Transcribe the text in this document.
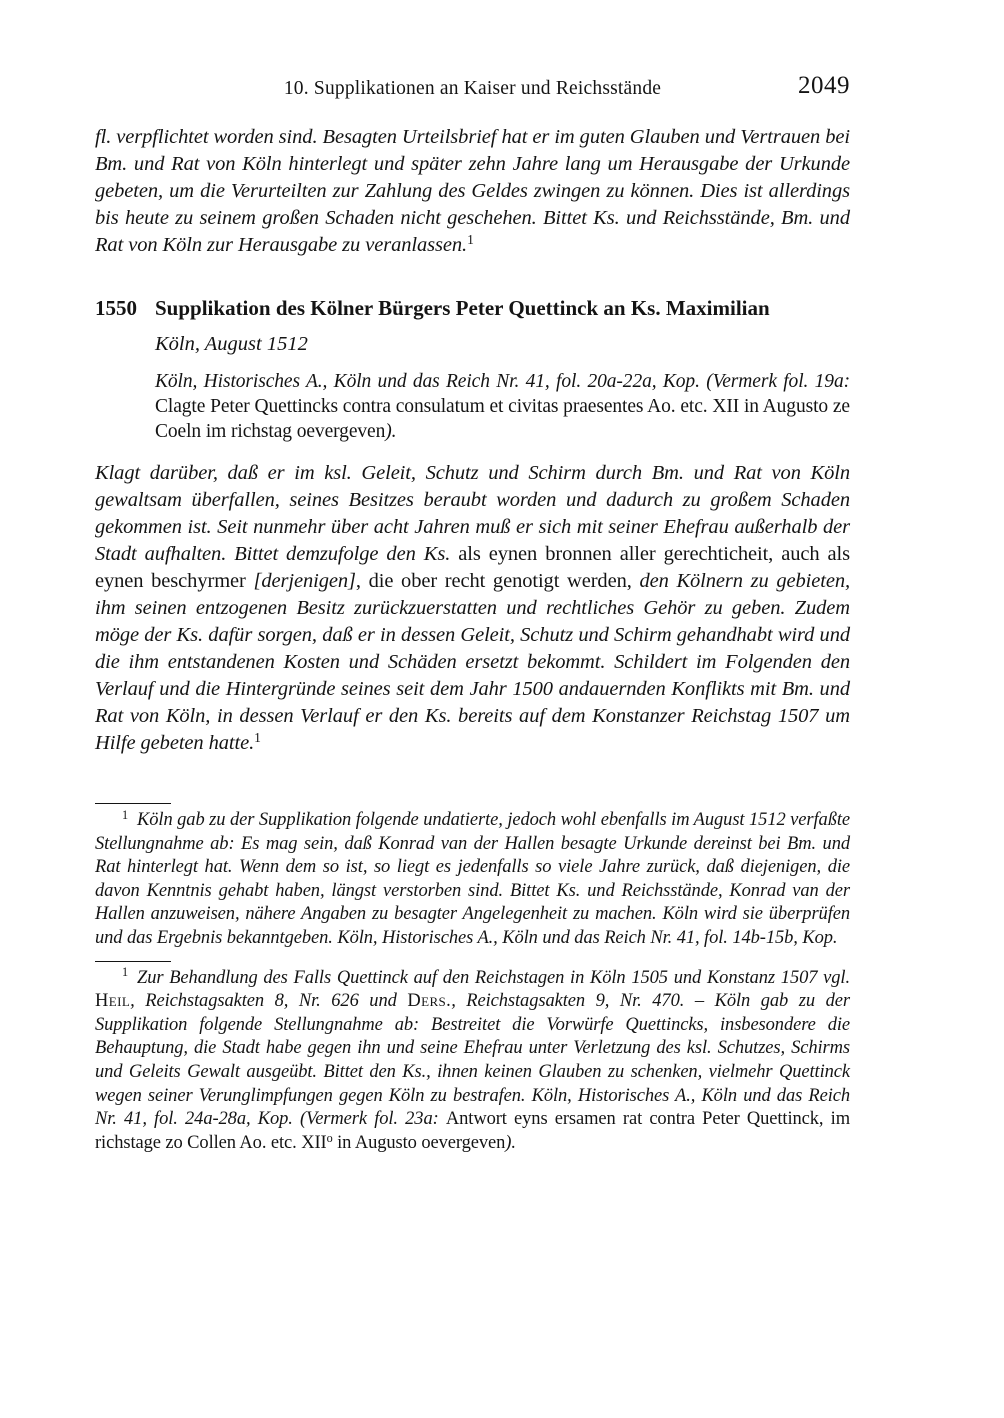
10. Supplikationen an Kaiser und Reichsstände	2049

fl. verpflichtet worden sind. Besagten Urteilsbrief hat er im guten Glauben und Vertrauen bei Bm. und Rat von Köln hinterlegt und später zehn Jahre lang um Herausgabe der Urkunde gebeten, um die Verurteilten zur Zahlung des Geldes zwingen zu können. Dies ist allerdings bis heute zu seinem großen Schaden nicht geschehen. Bittet Ks. und Reichsstände, Bm. und Rat von Köln zur Herausgabe zu veranlassen.$^1$

1550 Supplikation des Kölner Bürgers Peter Quettinck an Ks. Maximilian

Köln, August 1512

Köln, Historisches A., Köln und das Reich Nr. 41, fol. 20a-22a, Kop. (Vermerk fol. 19a: Clagte Peter Quettincks contra consulatum et civitas praesentes Ao. etc. XII in Augusto ze Coeln im richstag oevergeven).

Klagt darüber, daß er im ksl. Geleit, Schutz und Schirm durch Bm. und Rat von Köln gewaltsam überfallen, seines Besitzes beraubt worden und dadurch zu großem Schaden gekommen ist. Seit nunmehr über acht Jahren muß er sich mit seiner Ehefrau außerhalb der Stadt aufhalten. Bittet demzufolge den Ks. als eynen bronnen aller gerechticheit, auch als eynen beschyrmer [derjenigen], die ober recht genotigt werden, den Kölnern zu gebieten, ihm seinen entzogenen Besitz zurückzuerstatten und rechtliches Gehör zu geben. Zudem möge der Ks. dafür sorgen, daß er in dessen Geleit, Schutz und Schirm gehandhabt wird und die ihm entstandenen Kosten und Schäden ersetzt bekommt. Schildert im Folgenden den Verlauf und die Hintergründe seines seit dem Jahr 1500 andauernden Konflikts mit Bm. und Rat von Köln, in dessen Verlauf er den Ks. bereits auf dem Konstanzer Reichstag 1507 um Hilfe gebeten hatte.$^1$

$^1$ Köln gab zu der Supplikation folgende undatierte, jedoch wohl ebenfalls im August 1512 verfaßte Stellungnahme ab: Es mag sein, daß Konrad van der Hallen besagte Urkunde dereinst bei Bm. und Rat hinterlegt hat. Wenn dem so ist, so liegt es jedenfalls so viele Jahre zurück, daß diejenigen, die davon Kenntnis gehabt haben, längst verstorben sind. Bittet Ks. und Reichsstände, Konrad van der Hallen anzuweisen, nähere Angaben zu besagter Angelegenheit zu machen. Köln wird sie überprüfen und das Ergebnis bekanntgeben. Köln, Historisches A., Köln und das Reich Nr. 41, fol. 14b-15b, Kop.

$^1$ Zur Behandlung des Falls Quettinck auf den Reichstagen in Köln 1505 und Konstanz 1507 vgl. Heil, Reichstagsakten 8, Nr. 626 und Ders., Reichstagsakten 9, Nr. 470. – Köln gab zu der Supplikation folgende Stellungnahme ab: Bestreitet die Vorwürfe Quettincks, insbesondere die Behauptung, die Stadt habe gegen ihn und seine Ehefrau unter Verletzung des ksl. Schutzes, Schirms und Geleits Gewalt ausgeübt. Bittet den Ks., ihnen keinen Glauben zu schenken, vielmehr Quettinck wegen seiner Verunglimpfungen gegen Köln zu bestrafen. Köln, Historisches A., Köln und das Reich Nr. 41, fol. 24a-28a, Kop. (Vermerk fol. 23a: Antwort eyns ersamen rat contra Peter Quettinck, im richstage zo Collen Ao. etc. XII$^o$ in Augusto oevergeven).
